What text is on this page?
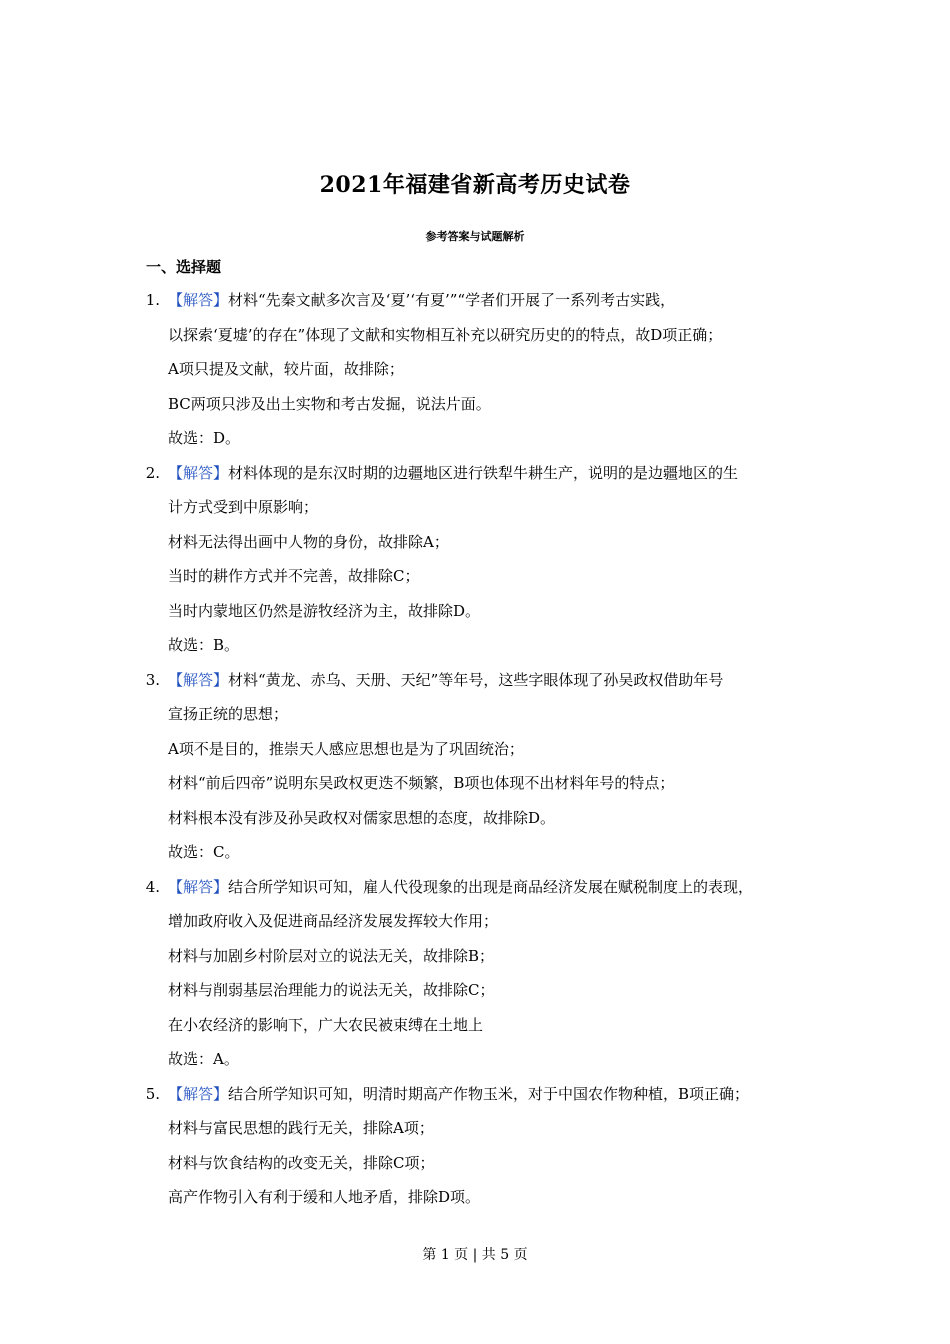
2021年福建省新高考历史试卷
参考答案与试题解析
一、选择题
1. 【解答】材料“先秦文献多次言及‘夏’‘有夏’”“学者们开展了一系列考古实践，
以探索‘夏墟’的存在”体现了文献和实物相互补充以研究历史的的特点，故D项正确；
A项只提及文献，较片面，故排除；
BC两项只涉及出土实物和考古发掘，说法片面。
故选：D。
2. 【解答】材料体现的是东汉时期的边疆地区进行铁犁牛耕生产，说明的是边疆地区的生
计方式受到中原影响；
材料无法得出画中人物的身份，故排除A；
当时的耕作方式并不完善，故排除C；
当时内蒙地区仍然是游牧经济为主，故排除D。
故选：B。
3. 【解答】材料“黄龙、赤乌、天册、天纪”等年号，这些字眼体现了孙吴政权借助年号
宣扬正统的思想；
A项不是目的，推崇天人感应思想也是为了巩固统治；
材料“前后四帝”说明东吴政权更迭不频繁，B项也体现不出材料年号的特点；
材料根本没有涉及孙吴政权对儒家思想的态度，故排除D。
故选：C。
4. 【解答】结合所学知识可知，雇人代役现象的出现是商品经济发展在赋税制度上的表现，
增加政府收入及促进商品经济发展发挥较大作用；
材料与加剧乡村阶层对立的说法无关，故排除B；
材料与削弱基层治理能力的说法无关，故排除C；
在小农经济的影响下，广大农民被束缚在土地上
故选：A。
5. 【解答】结合所学知识可知，明清时期高产作物玉米，对于中国农作物种植，B项正确；
材料与富民思想的践行无关，排除A项；
材料与饮食结构的改变无关，排除C项；
高产作物引入有利于缓和人地矛盾，排除D项。
第 1 页 | 共 5 页
